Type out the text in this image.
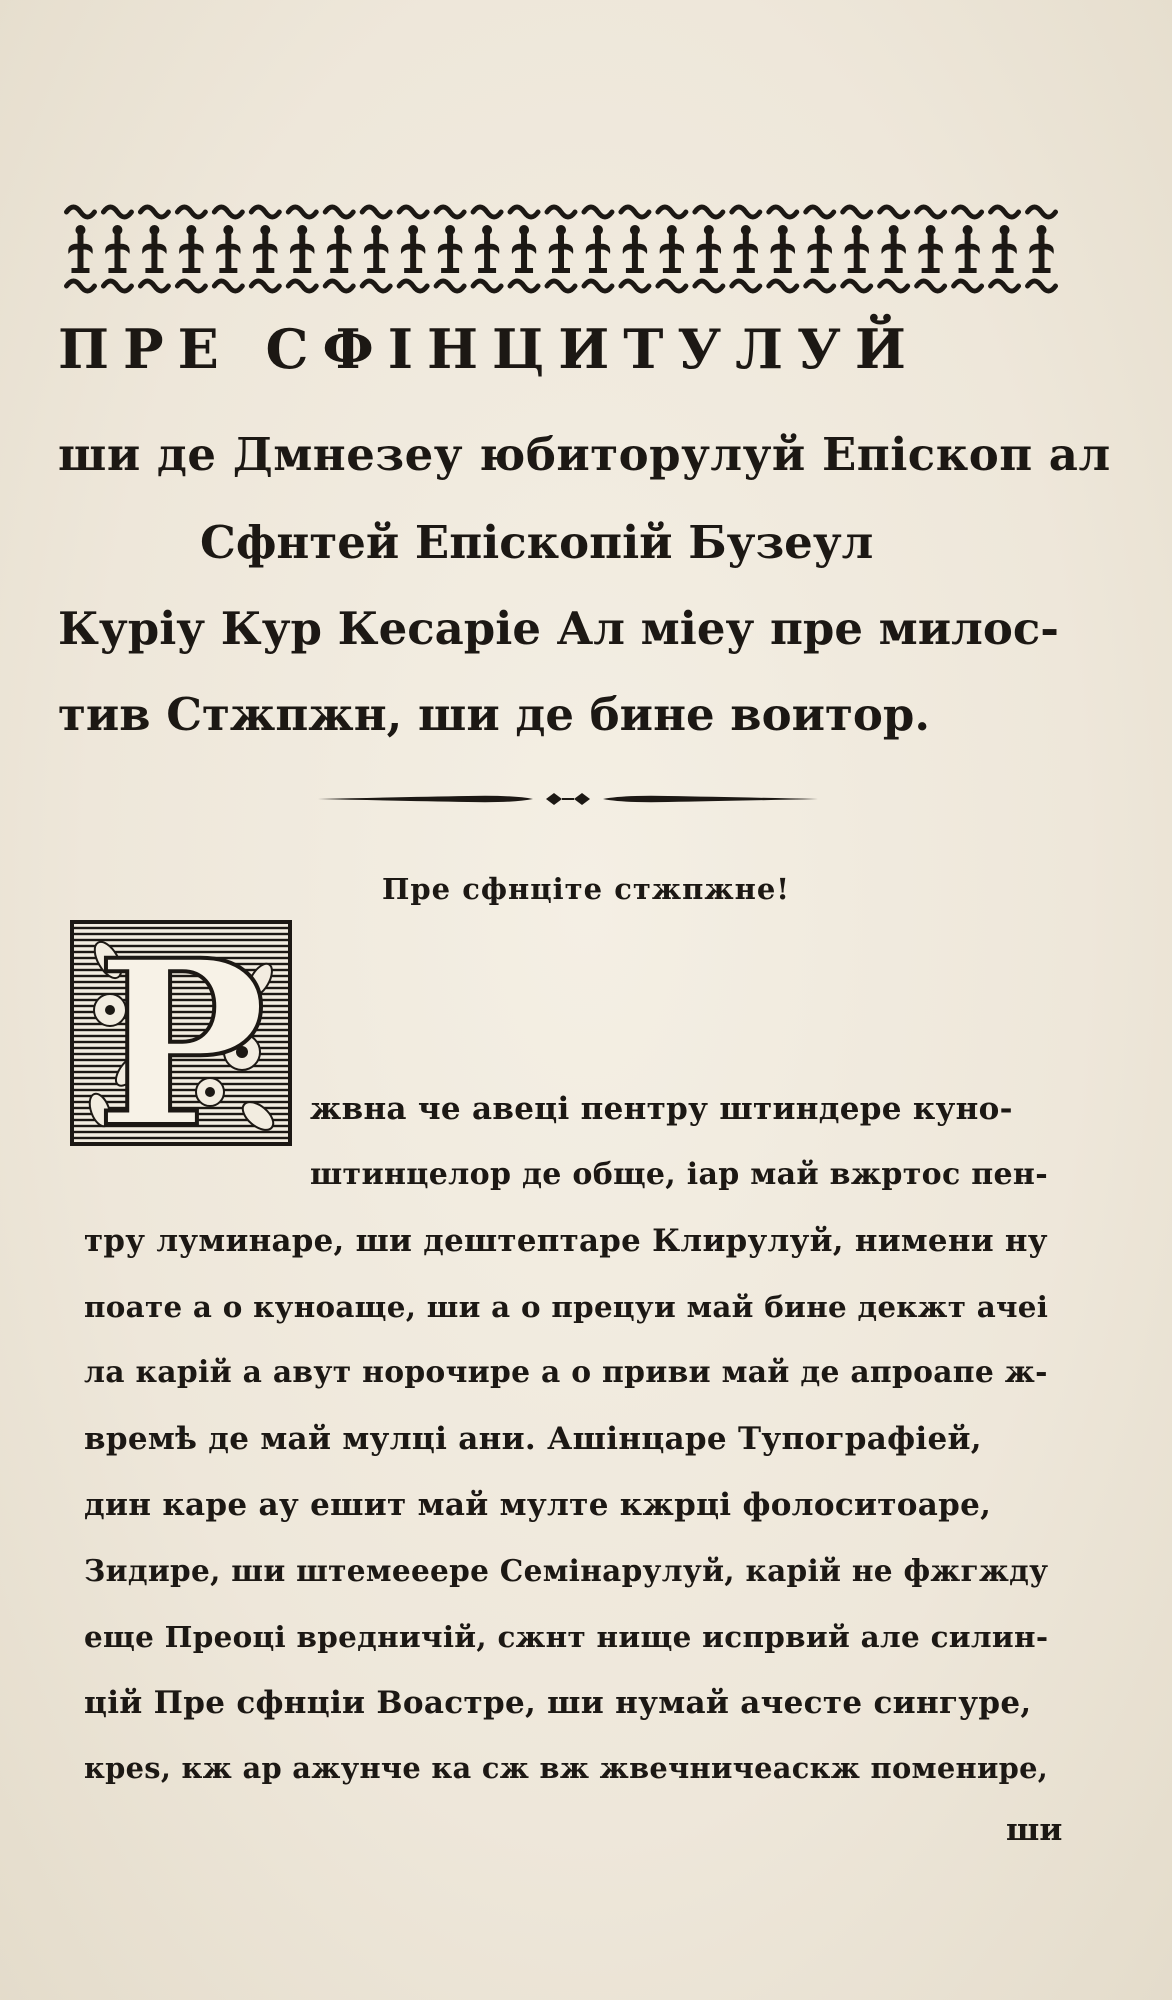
ПРЕ СФІНЦИТУЛУЙ
ши де Дмнезеу юбиторулуй Епіскоп ал
Сфнтей Епіскопій Бузеул
Куріу Кур Кесаріе Ал міеу пре милос-
тив Стжпжн, ши де бине воитор.
Пре сфнціте стжпжне!
Р жвна че авеці пентру штиндере куно-
штинцелор де обще, іар май вжртос пен-
тру луминаре, ши дештептаре Клирулуй, нимени ну
поате а о куноаще, ши а о прецуи май бине декжт ачеі
ла карій а авут норочире а о приви май де апроапе ж-
времѣ де май мулці ани. Ашінцаре Тупографіей,
дин каре ау ешит май мулте кжрці фолоситоаре,
Зидире, ши штемееере Семінарулуй, карій не фжгжду
еще Преоці вредничій, сжнт нище испрвий але силин-
цій Пре сфнціи Воастре, ши нумай ачесте сингуре,
креѕ, кж ар ажунче ка сж вж жвечничеаскж поменире,
ши
